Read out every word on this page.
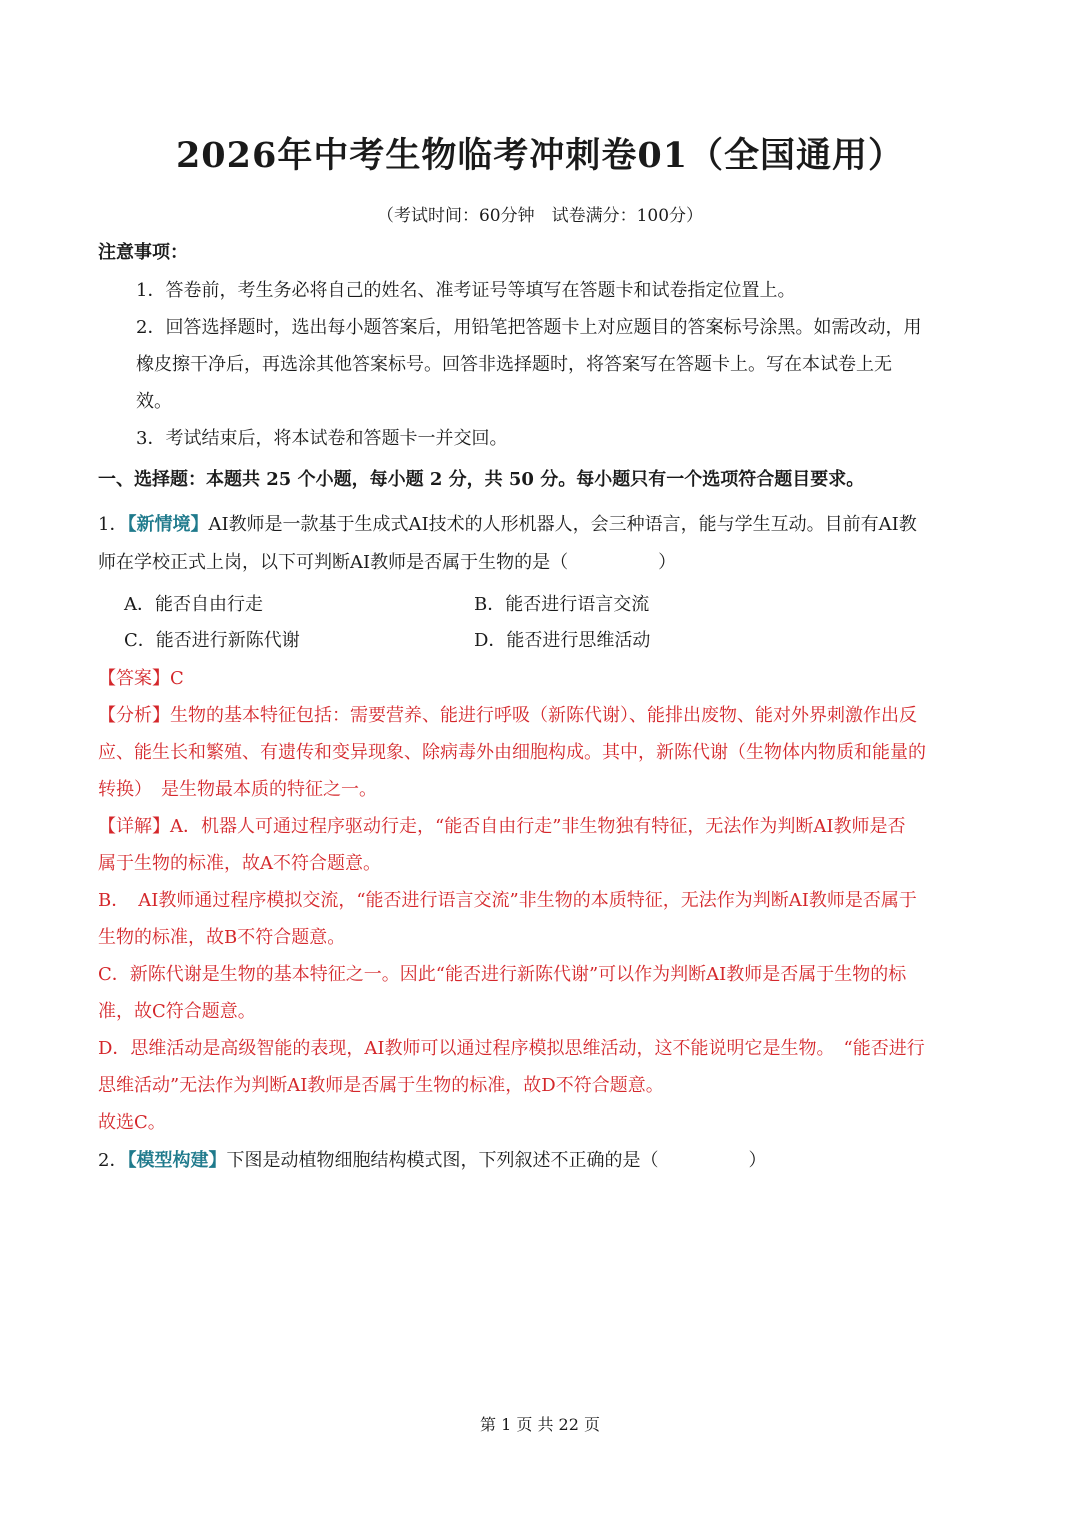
2026年中考生物临考冲刺卷01（全国通用）
（考试时间：60分钟　试卷满分：100分）
注意事项：
1．答卷前，考生务必将自己的姓名、准考证号等填写在答题卡和试卷指定位置上。
2．回答选择题时，选出每小题答案后，用铅笔把答题卡上对应题目的答案标号涂黑。如需改动，用
橡皮擦干净后，再选涂其他答案标号。回答非选择题时，将答案写在答题卡上。写在本试卷上无
效。
3．考试结束后，将本试卷和答题卡一并交回。
一、选择题：本题共 25 个小题，每小题 2 分，共 50 分。每小题只有一个选项符合题目要求。
1．【新情境】AI教师是一款基于生成式AI技术的人形机器人，会三种语言，能与学生互动。目前有AI教
师在学校正式上岗，以下可判断AI教师是否属于生物的是（　　　　　）
A．能否自由行走	B．能否进行语言交流
C．能否进行新陈代谢	D．能否进行思维活动
【答案】C
【分析】生物的基本特征包括：需要营养、能进行呼吸（新陈代谢）、能排出废物、能对外界刺激作出反
应、能生长和繁殖、有遗传和变异现象、除病毒外由细胞构成。其中，新陈代谢（生物体内物质和能量的
转换）　是生物最本质的特征之一。
【详解】A．机器人可通过程序驱动行走，“能否自由行走”非生物独有特征，无法作为判断AI教师是否
属于生物的标准，故A不符合题意。
B．　AI教师通过程序模拟交流，“能否进行语言交流”非生物的本质特征，无法作为判断AI教师是否属于
生物的标准，故B不符合题意。
C．新陈代谢是生物的基本特征之一。因此“能否进行新陈代谢”可以作为判断AI教师是否属于生物的标
准，故C符合题意。
D．思维活动是高级智能的表现，AI教师可以通过程序模拟思维活动，这不能说明它是生物。　“能否进行
思维活动”无法作为判断AI教师是否属于生物的标准，故D不符合题意。
故选C。
2．【模型构建】下图是动植物细胞结构模式图，下列叙述不正确的是（　　　　　）
第 1 页 共 22 页
